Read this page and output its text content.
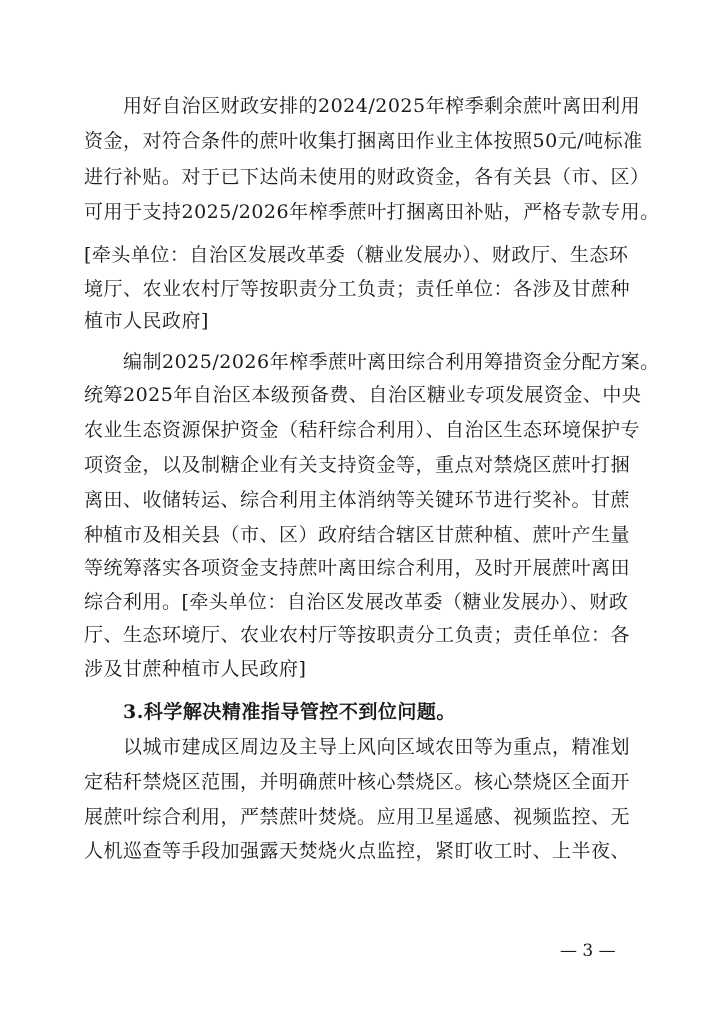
　　用好自治区财政安排的2024/2025年榨季剩余蔗叶离田利用
资金，对符合条件的蔗叶收集打捆离田作业主体按照50元/吨标准
进行补贴。对于已下达尚未使用的财政资金，各有关县（市、区）
可用于支持2025/2026年榨季蔗叶打捆离田补贴，严格专款专用。
[牵头单位：自治区发展改革委（糖业发展办）、财政厅、生态环
境厅、农业农村厅等按职责分工负责；责任单位：各涉及甘蔗种
植市人民政府]
　　编制2025/2026年榨季蔗叶离田综合利用筹措资金分配方案。
统筹2025年自治区本级预备费、自治区糖业专项发展资金、中央
农业生态资源保护资金（秸秆综合利用）、自治区生态环境保护专
项资金，以及制糖企业有关支持资金等，重点对禁烧区蔗叶打捆
离田、收储转运、综合利用主体消纳等关键环节进行奖补。甘蔗
种植市及相关县（市、区）政府结合辖区甘蔗种植、蔗叶产生量
等统筹落实各项资金支持蔗叶离田综合利用，及时开展蔗叶离田
综合利用。[牵头单位：自治区发展改革委（糖业发展办）、财政
厅、生态环境厅、农业农村厅等按职责分工负责；责任单位：各
涉及甘蔗种植市人民政府]
　　3.科学解决精准指导管控不到位问题。
　　以城市建成区周边及主导上风向区域农田等为重点，精准划
定秸秆禁烧区范围，并明确蔗叶核心禁烧区。核心禁烧区全面开
展蔗叶综合利用，严禁蔗叶焚烧。应用卫星遥感、视频监控、无
人机巡查等手段加强露天焚烧火点监控，紧盯收工时、上半夜、
— 3 —
